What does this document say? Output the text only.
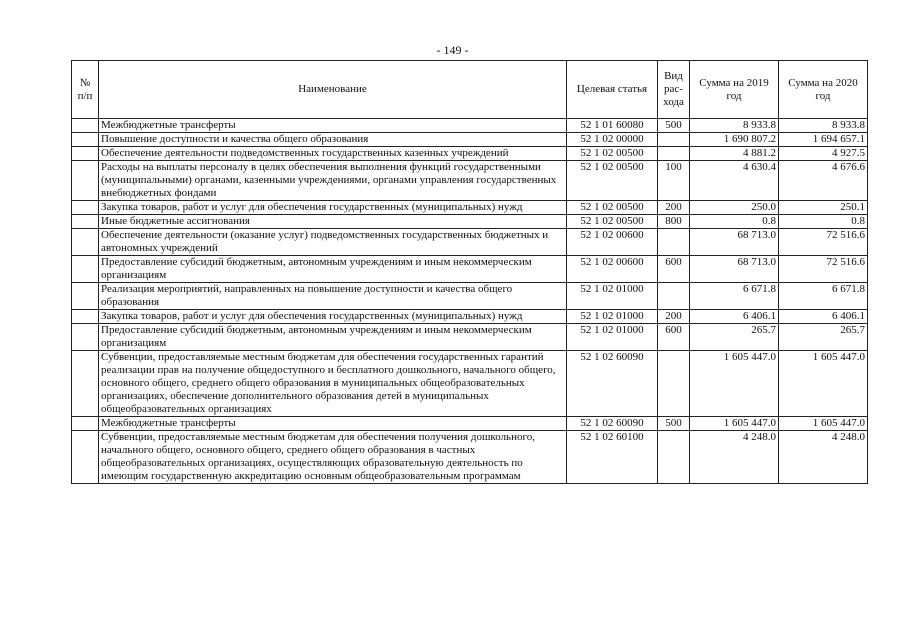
- 149 -
№ п/п	Наименование	Целевая статья	Вид рас-хода	Сумма на 2019 год	Сумма на 2020 год
	Межбюджетные трансферты	52 1 01 60080	500	8 933.8	8 933.8
	Повышение доступности и качества общего образования	52 1 02 00000		1 690 807.2	1 694 657.1
	Обеспечение деятельности подведомственных государственных казенных учреждений	52 1 02 00500		4 881.2	4 927.5
	Расходы на выплаты персоналу в целях обеспечения выполнения функций государственными (муниципальными) органами, казенными учреждениями, органами управления государственных внебюджетных фондами	52 1 02 00500	100	4 630.4	4 676.6
	Закупка товаров, работ и услуг для обеспечения государственных (муниципальных) нужд	52 1 02 00500	200	250.0	250.1
	Иные бюджетные ассигнования	52 1 02 00500	800	0.8	0.8
	Обеспечение деятельности (оказание услуг) подведомственных государственных бюджетных и автономных учреждений	52 1 02 00600		68 713.0	72 516.6
	Предоставление субсидий бюджетным, автономным учреждениям и иным некоммерческим организациям	52 1 02 00600	600	68 713.0	72 516.6
	Реализация мероприятий, направленных на повышение доступности и качества общего образования	52 1 02 01000		6 671.8	6 671.8
	Закупка товаров, работ и услуг для обеспечения государственных (муниципальных) нужд	52 1 02 01000	200	6 406.1	6 406.1
	Предоставление субсидий бюджетным, автономным учреждениям и иным некоммерческим организациям	52 1 02 01000	600	265.7	265.7
	Субвенции, предоставляемые местным бюджетам для обеспечения государственных гарантий реализации прав на получение общедоступного и бесплатного дошкольного, начального общего, основного общего, среднего общего образования в муниципальных общеобразовательных организациях, обеспечение дополнительного образования детей в муниципальных общеобразовательных организациях	52 1 02 60090		1 605 447.0	1 605 447.0
	Межбюджетные трансферты	52 1 02 60090	500	1 605 447.0	1 605 447.0
	Субвенции, предоставляемые местным бюджетам для обеспечения получения дошкольного, начального общего, основного общего, среднего общего образования в частных общеобразовательных организациях, осуществляющих образовательную деятельность по имеющим государственную аккредитацию основным общеобразовательным программам	52 1 02 60100		4 248.0	4 248.0
